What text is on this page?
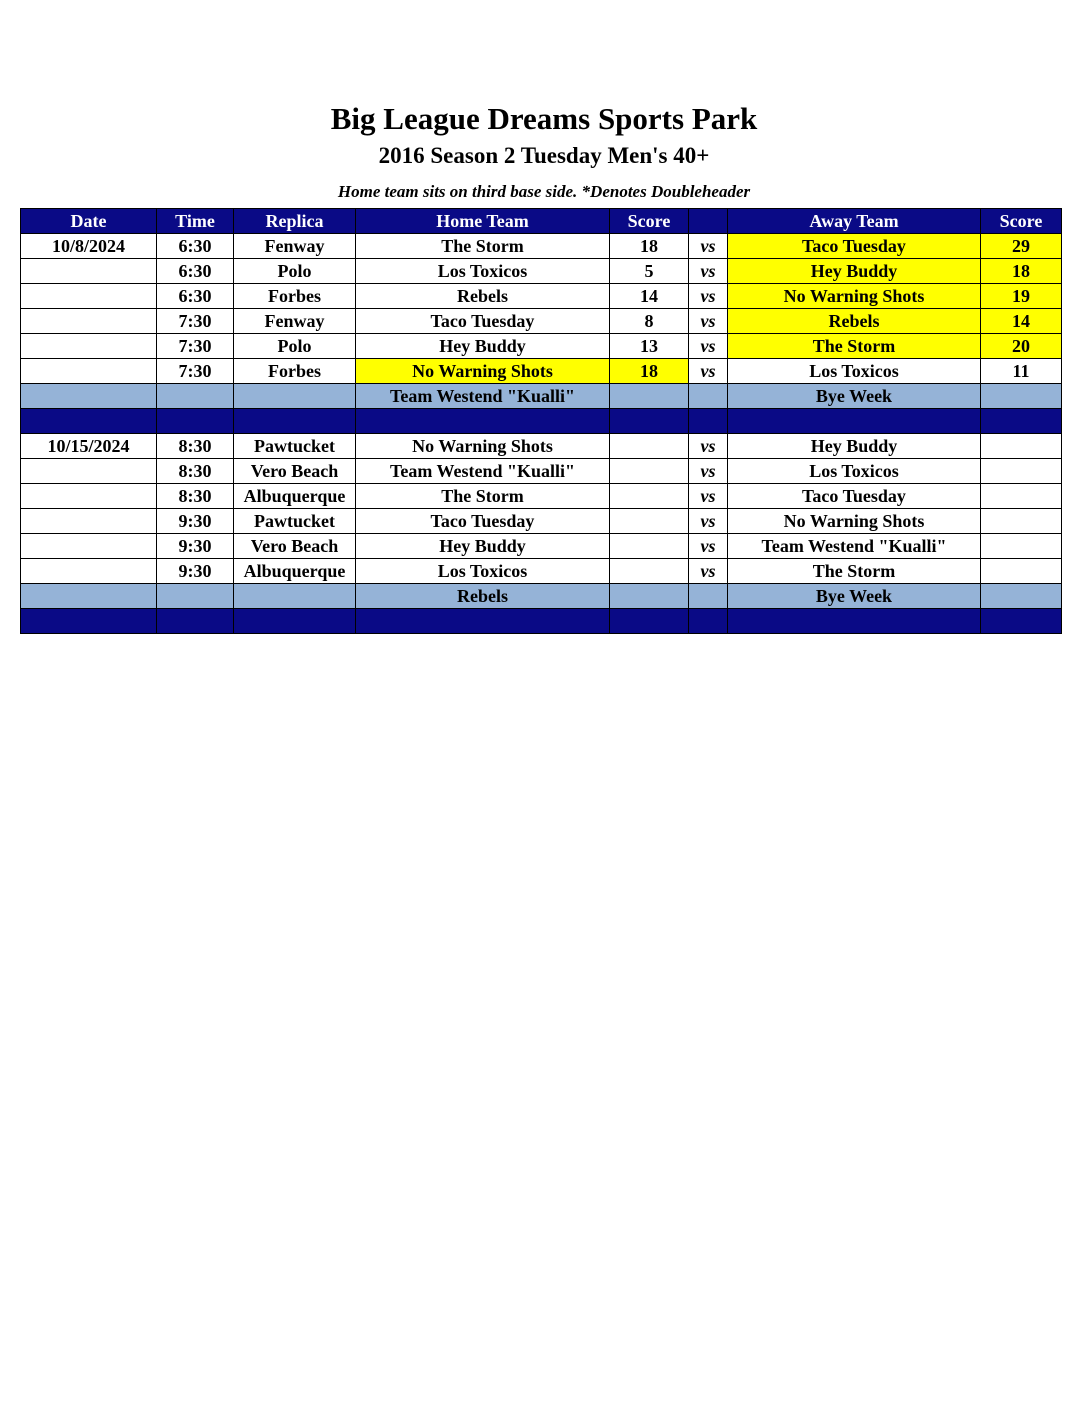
Big League Dreams Sports Park
2016 Season 2 Tuesday Men's 40+
Home team sits on third base side. *Denotes Doubleheader
Date	Time	Replica	Home Team	Score		Away Team	Score
10/8/2024	6:30	Fenway	The Storm	18	vs	Taco Tuesday	29
	6:30	Polo	Los Toxicos	5	vs	Hey Buddy	18
	6:30	Forbes	Rebels	14	vs	No Warning Shots	19
	7:30	Fenway	Taco Tuesday	8	vs	Rebels	14
	7:30	Polo	Hey Buddy	13	vs	The Storm	20
	7:30	Forbes	No Warning Shots	18	vs	Los Toxicos	11
			Team Westend "Kualli"			Bye Week	

10/15/2024	8:30	Pawtucket	No Warning Shots		vs	Hey Buddy	
	8:30	Vero Beach	Team Westend "Kualli"		vs	Los Toxicos	
	8:30	Albuquerque	The Storm		vs	Taco Tuesday	
	9:30	Pawtucket	Taco Tuesday		vs	No Warning Shots	
	9:30	Vero Beach	Hey Buddy		vs	Team Westend "Kualli"	
	9:30	Albuquerque	Los Toxicos		vs	The Storm	
			Rebels			Bye Week	
